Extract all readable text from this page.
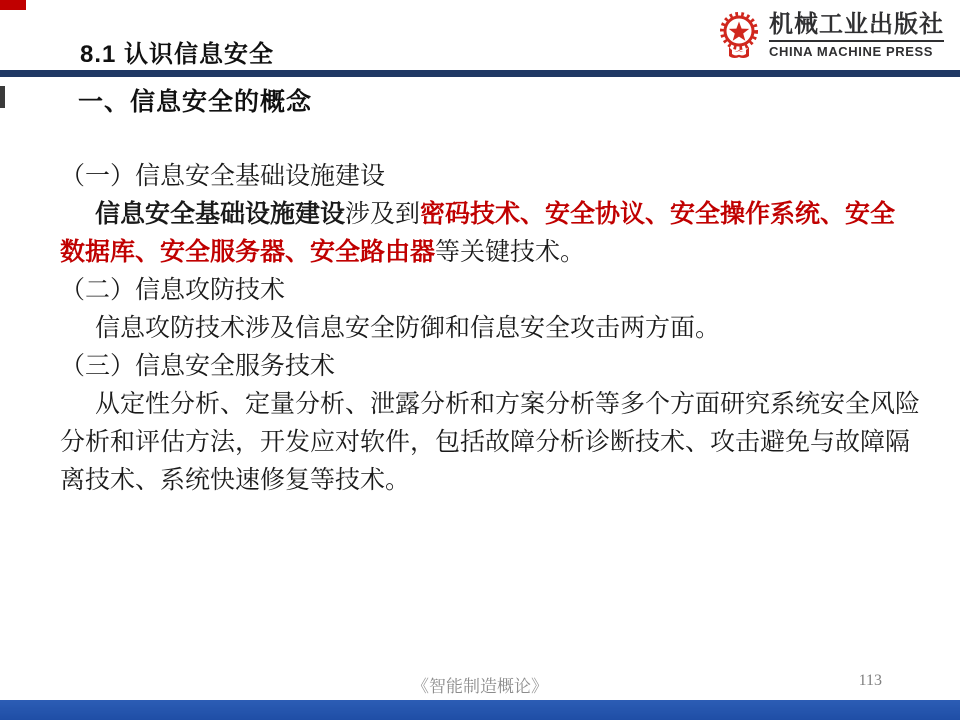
8.1 认识信息安全
机械工业出版社
CHINA MACHINE PRESS
一、信息安全的概念
（一）信息安全基础设施建设
信息安全基础设施建设涉及到密码技术、安全协议、安全操作系统、安全
数据库、安全服务器、安全路由器等关键技术。
（二）信息攻防技术
信息攻防技术涉及信息安全防御和信息安全攻击两方面。
（三）信息安全服务技术
从定性分析、定量分析、泄露分析和方案分析等多个方面研究系统安全风险
分析和评估方法，开发应对软件，包括故障分析诊断技术、攻击避免与故障隔
离技术、系统快速修复等技术。
《智能制造概论》	113
